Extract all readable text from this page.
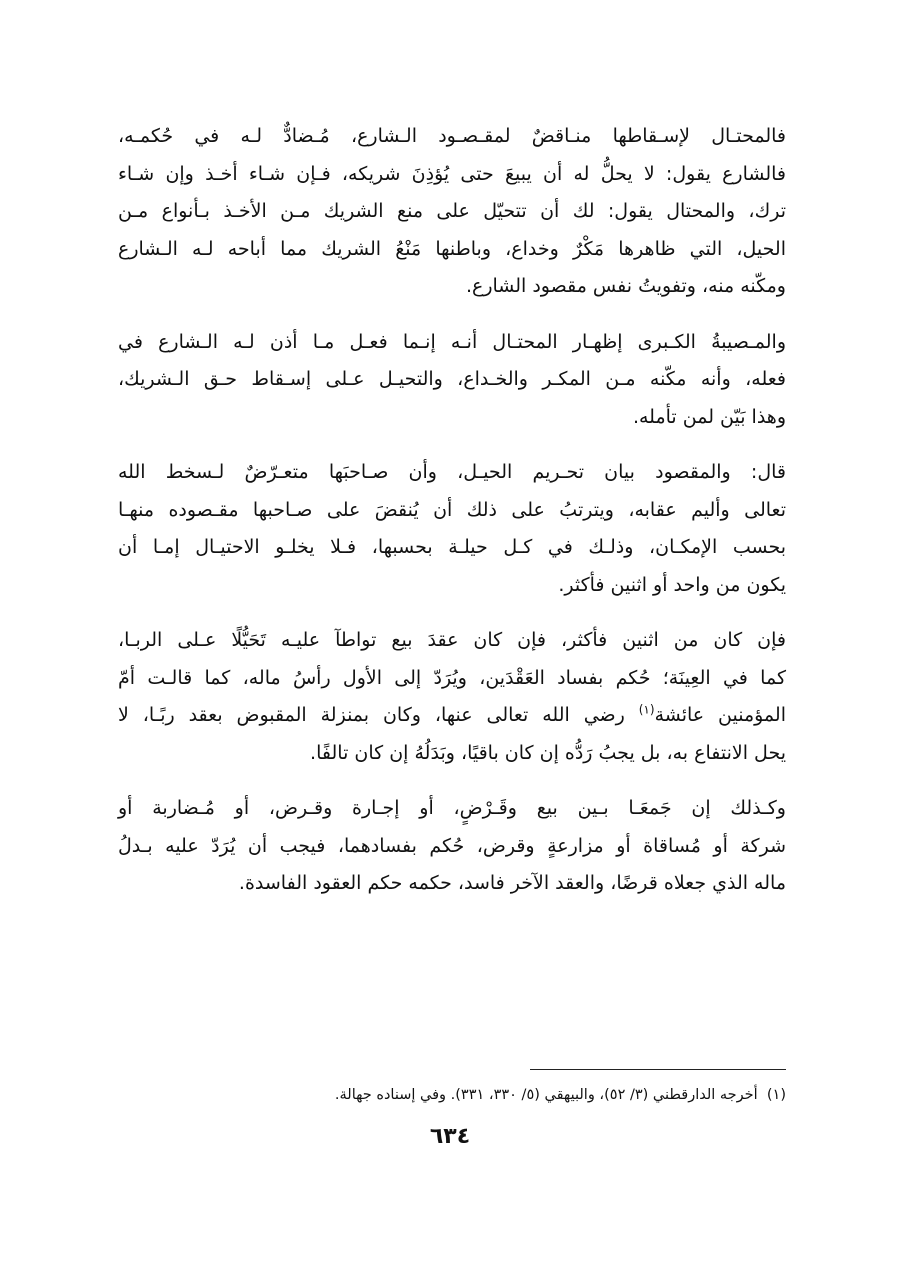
فالمحتـال لإسـقاطها منـاقضٌ لمقـصـود الـشارع، مُـضادٌّ لـه في حُكمـه،
فالشارع يقول: لا يحلُّ له أن يبيعَ حتى يُؤذِنَ شريكه، فـإن شـاء أخـذ وإن شـاء
ترك، والمحتال يقول: لك أن تتحيّل على منع الشريك مـن الأخـذ بـأنواع مـن
الحيل، التي ظاهرها مَكْرٌ وخداع، وباطنها مَنْعُ الشريك مما أباحه لـه الـشارع
ومكّنه منه، وتفويتُ نفس مقصود الشارع.

والمـصيبةُ الكـبرى إظهـار المحتـال أنـه إنـما فعـل مـا أذن لـه الـشارع في
فعله، وأنه مكّنه مـن المكـر والخـداع، والتحيـل عـلى إسـقاط حـق الـشريك،
وهذا بَيّن لمن تأمله.

قال: والمقصود بيان تحـريم الحيـل، وأن صـاحبَها متعـرّضٌ لـسخط الله
تعالى وأليم عقابه، ويترتبُ على ذلك أن يُنقضَ على صـاحبها مقـصوده منهـا
بحسب الإمكـان، وذلـك في كـل حيلـة بحسبها، فـلا يخلـو الاحتيـال إمـا أن
يكون من واحد أو اثنين فأكثر.

فإن كان من اثنين فأكثر، فإن كان عقدَ بيع تواطآ عليـه تَحَيُّلًا عـلى الربـا،
كما في العِينَة؛ حُكم بفساد العَقْدَين، ويُرَدّ إلى الأول رأسُ ماله، كما قالـت أمّ
المؤمنين عائشة$^{(١)}$ رضي الله تعالى عنها، وكان بمنزلة المقبوض بعقد ربًـا، لا
يحل الانتفاع به، بل يجبُ رَدُّه إن كان باقيًا، وبَدَلُهُ إن كان تالفًا.

وكـذلك إن جَمعَـا بـين بيع وقَـرْضٍ، أو إجـارة وقـرض، أو مُـضاربة أو
شركة أو مُساقاة أو مزارعةٍ وقرض، حُكم بفسادهما، فيجب أن يُرَدّ عليه بـدلُ
ماله الذي جعلاه قرضًا، والعقد الآخر فاسد، حكمه حكم العقود الفاسدة.

(١)  أخرجه الدارقطني (٣/ ٥٢)، والبيهقي (٥/ ٣٣٠، ٣٣١). وفي إسناده جهالة.
٦٣٤
